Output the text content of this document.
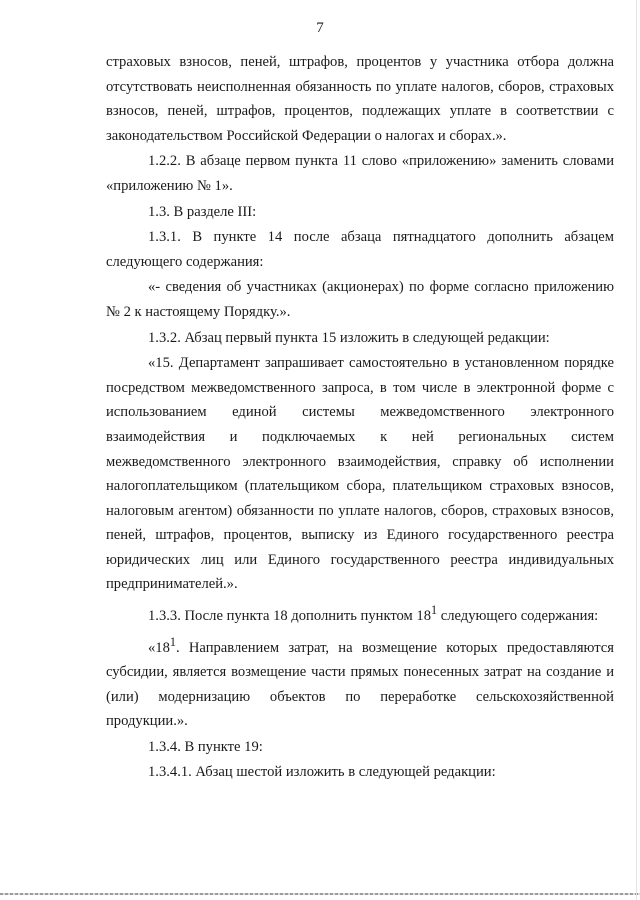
7

страховых взносов, пеней, штрафов, процентов у участника отбора должна отсутствовать неисполненная обязанность по уплате налогов, сборов, страховых взносов, пеней, штрафов, процентов, подлежащих уплате в соответствии с законодательством Российской Федерации о налогах и сборах.».

1.2.2. В абзаце первом пункта 11 слово «приложению» заменить словами «приложению № 1».

1.3. В разделе III:

1.3.1. В пункте 14 после абзаца пятнадцатого дополнить абзацем следующего содержания:

«- сведения об участниках (акционерах) по форме согласно приложению № 2 к настоящему Порядку.».

1.3.2. Абзац первый пункта 15 изложить в следующей редакции:

«15. Департамент запрашивает самостоятельно в установленном порядке посредством межведомственного запроса, в том числе в электронной форме с использованием единой системы межведомственного электронного взаимодействия и подключаемых к ней региональных систем межведомственного электронного взаимодействия, справку об исполнении налогоплательщиком (плательщиком сбора, плательщиком страховых взносов, налоговым агентом) обязанности по уплате налогов, сборов, страховых взносов, пеней, штрафов, процентов, выписку из Единого государственного реестра юридических лиц или Единого государственного реестра индивидуальных предпринимателей.».

1.3.3. После пункта 18 дополнить пунктом $18^1$ следующего содержания:

«$18^1$. Направлением затрат, на возмещение которых предоставляются субсидии, является возмещение части прямых понесенных затрат на создание и (или) модернизацию объектов по переработке сельскохозяйственной продукции.».

1.3.4. В пункте 19:

1.3.4.1. Абзац шестой изложить в следующей редакции:
